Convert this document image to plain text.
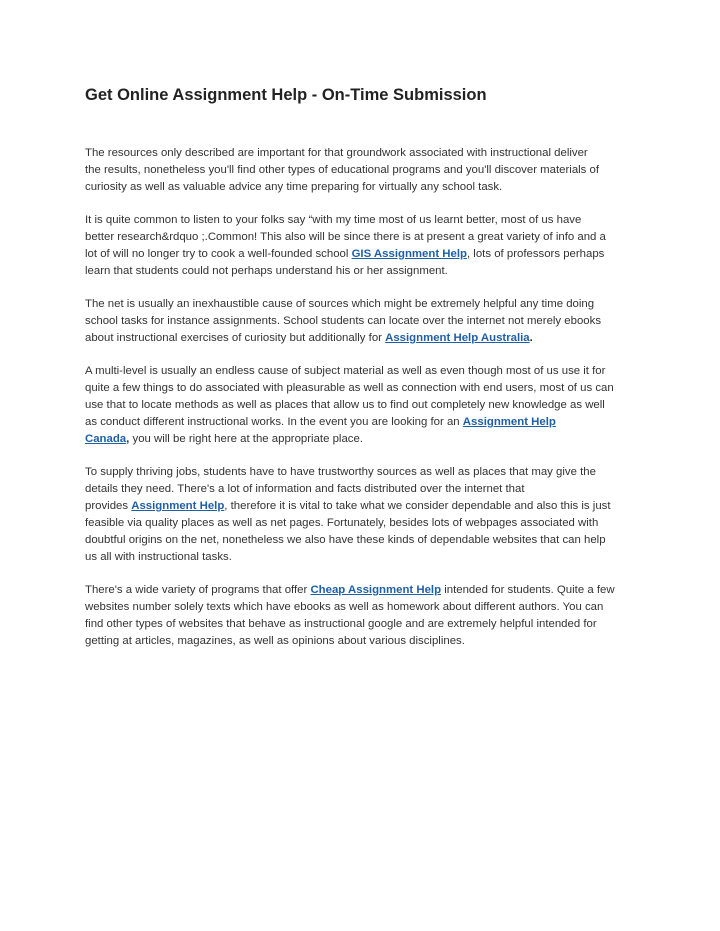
Get Online Assignment Help - On-Time Submission

The resources only described are important for that groundwork associated with instructional deliver
the results, nonetheless you'll find other types of educational programs and you'll discover materials of
curiosity as well as valuable advice any time preparing for virtually any school task.

It is quite common to listen to your folks say “with my time most of us learnt better, most of us have
better research&rdquo ;.Common! This also will be since there is at present a great variety of info and a
lot of will no longer try to cook a well-founded school GIS Assignment Help, lots of professors perhaps
learn that students could not perhaps understand his or her assignment.

The net is usually an inexhaustible cause of sources which might be extremely helpful any time doing
school tasks for instance assignments. School students can locate over the internet not merely ebooks
about instructional exercises of curiosity but additionally for Assignment Help Australia.

A multi-level is usually an endless cause of subject material as well as even though most of us use it for
quite a few things to do associated with pleasurable as well as connection with end users, most of us can
use that to locate methods as well as places that allow us to find out completely new knowledge as well
as conduct different instructional works. In the event you are looking for an Assignment Help
Canada, you will be right here at the appropriate place.

To supply thriving jobs, students have to have trustworthy sources as well as places that may give the
details they need. There's a lot of information and facts distributed over the internet that
provides Assignment Help, therefore it is vital to take what we consider dependable and also this is just
feasible via quality places as well as net pages. Fortunately, besides lots of webpages associated with
doubtful origins on the net, nonetheless we also have these kinds of dependable websites that can help
us all with instructional tasks.

There's a wide variety of programs that offer Cheap Assignment Help intended for students. Quite a few
websites number solely texts which have ebooks as well as homework about different authors. You can
find other types of websites that behave as instructional google and are extremely helpful intended for
getting at articles, magazines, as well as opinions about various disciplines.
